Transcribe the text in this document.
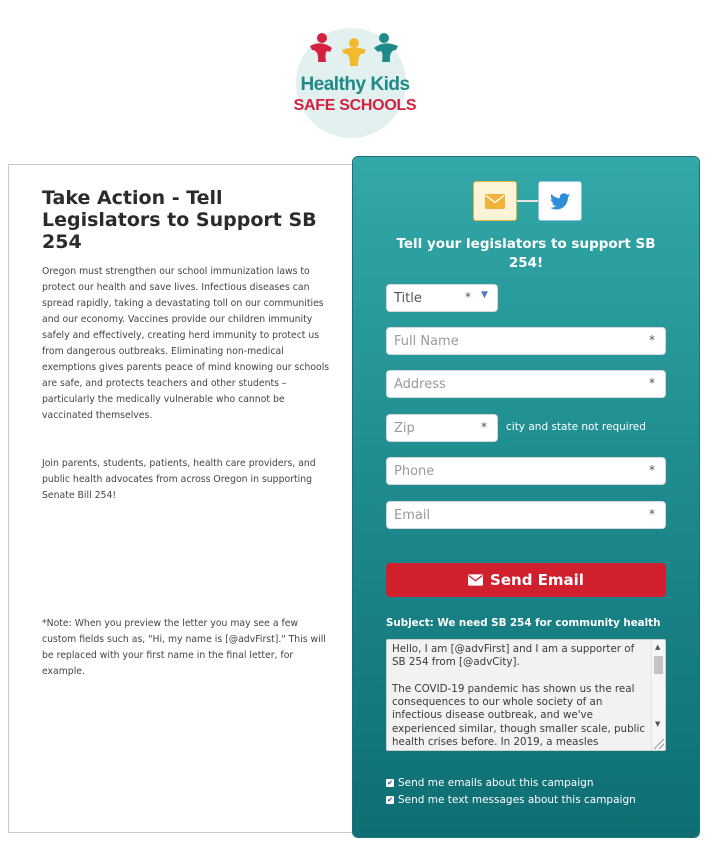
Healthy Kids
SAFE SCHOOLS
Take Action - Tell Legislators to Support SB 254

Oregon must strengthen our school immunization laws to protect our health and save lives. Infectious diseases can spread rapidly, taking a devastating toll on our communities and our economy. Vaccines provide our children immunity safely and effectively, creating herd immunity to protect us from dangerous outbreaks. Eliminating non-medical exemptions gives parents peace of mind knowing our schools are safe, and protects teachers and other students – particularly the medically vulnerable who cannot be vaccinated themselves.

Join parents, students, patients, health care providers, and public health advocates from across Oregon in supporting Senate Bill 254!

*Note: When you preview the letter you may see a few custom fields such as, "Hi, my name is [@advFirst]." This will be replaced with your first name in the final letter, for example.

Tell your legislators to support SB 254!
Title	* ▼
Full Name
*
Address
*
Zip
* city and state not required
Phone
*
Email
*
Send Email
Subject: We need SB 254 for community health
Hello, I am [@advFirst] and I am a supporter of SB 254 from [@advCity].

The COVID-19 pandemic has shown us the real consequences to our whole society of an infectious disease outbreak, and we've experienced similar, though smaller scale, public health crises before. In 2019, a measles
▲
▼
✔ Send me emails about this campaign
✔ Send me text messages about this campaign
